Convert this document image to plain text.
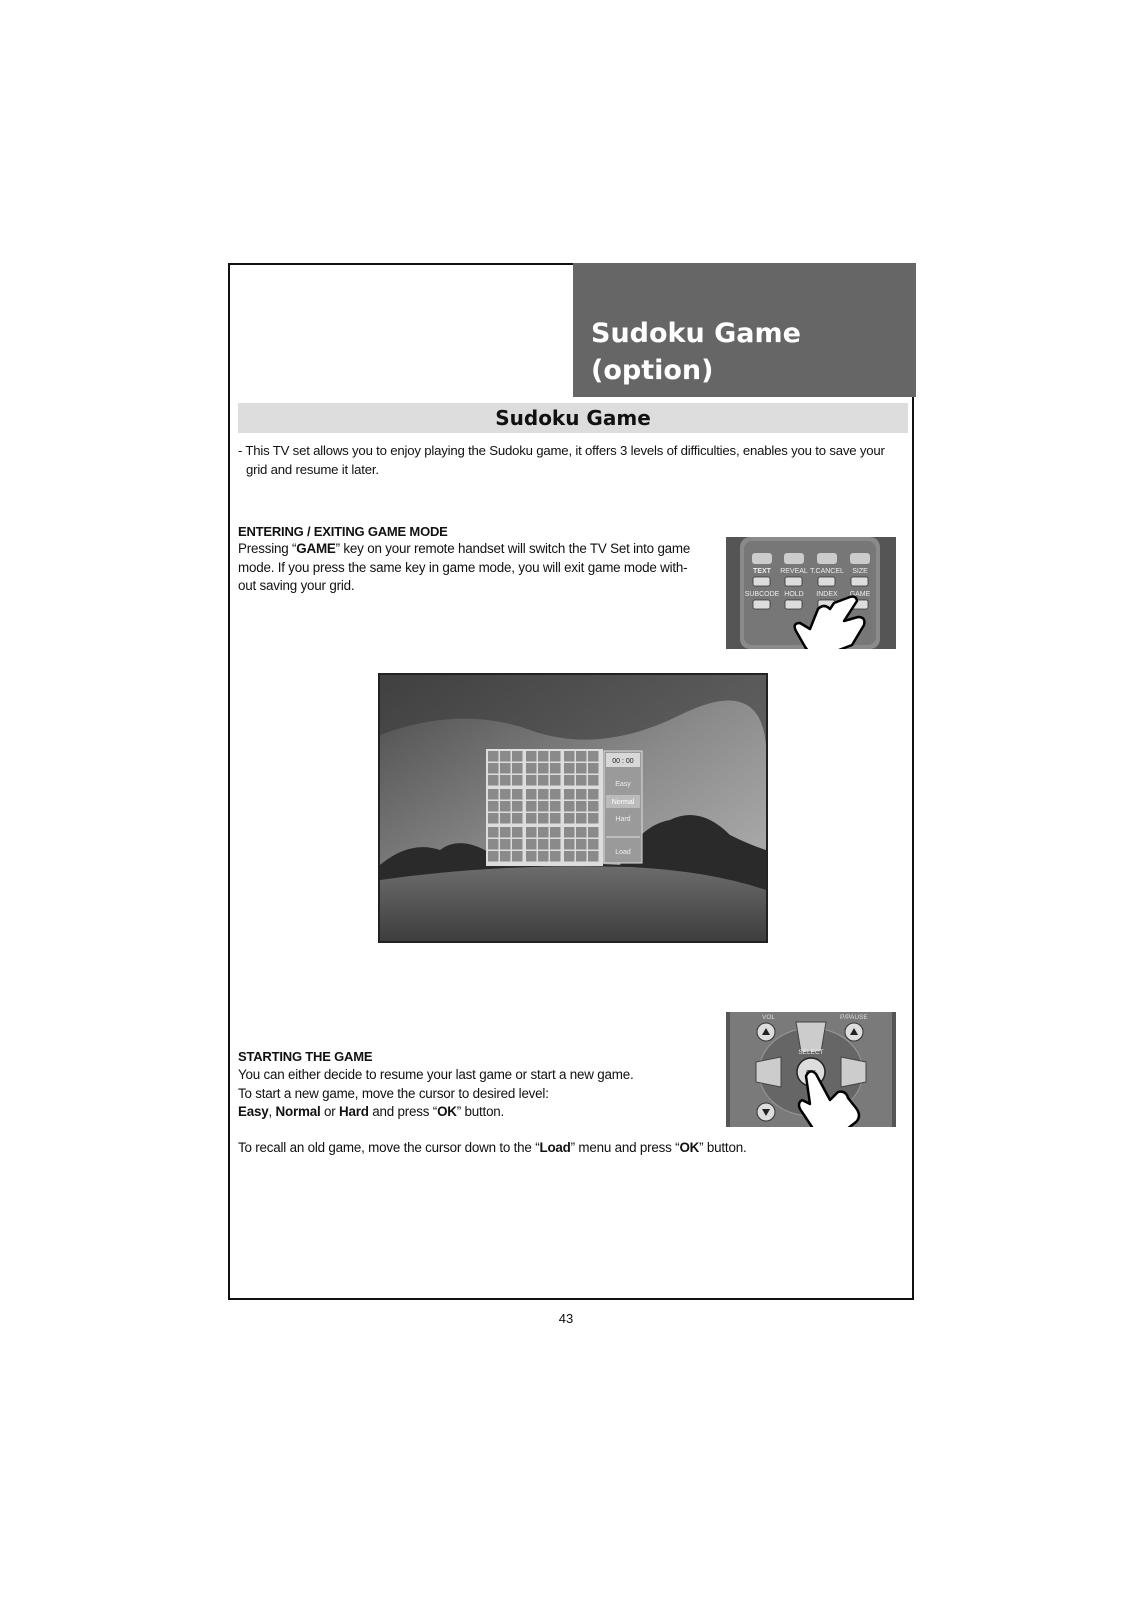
Sudoku Game
(option)
Sudoku Game
- This TV set allows you to enjoy playing the Sudoku game, it offers 3 levels of difficulties, enables you to save your
grid and resume it later.
ENTERING / EXITING GAME MODE
Pressing “GAME” key on your remote handset will switch the TV Set into game
mode. If you press the same key in game mode, you will exit game mode with-
out saving your grid.
TEXT REVEAL T.CANCEL SIZE
SUBCODE HOLD INDEX GAME
00 : 00
Easy
Normal
Hard
Load
VOL	P/PAUSE
SELECT
STARTING THE GAME
You can either decide to resume your last game or start a new game.
To start a new game, move the cursor to desired level:
Easy, Normal or Hard and press “OK” button.
To recall an old game, move the cursor down to the “Load” menu and press “OK” button.
43
